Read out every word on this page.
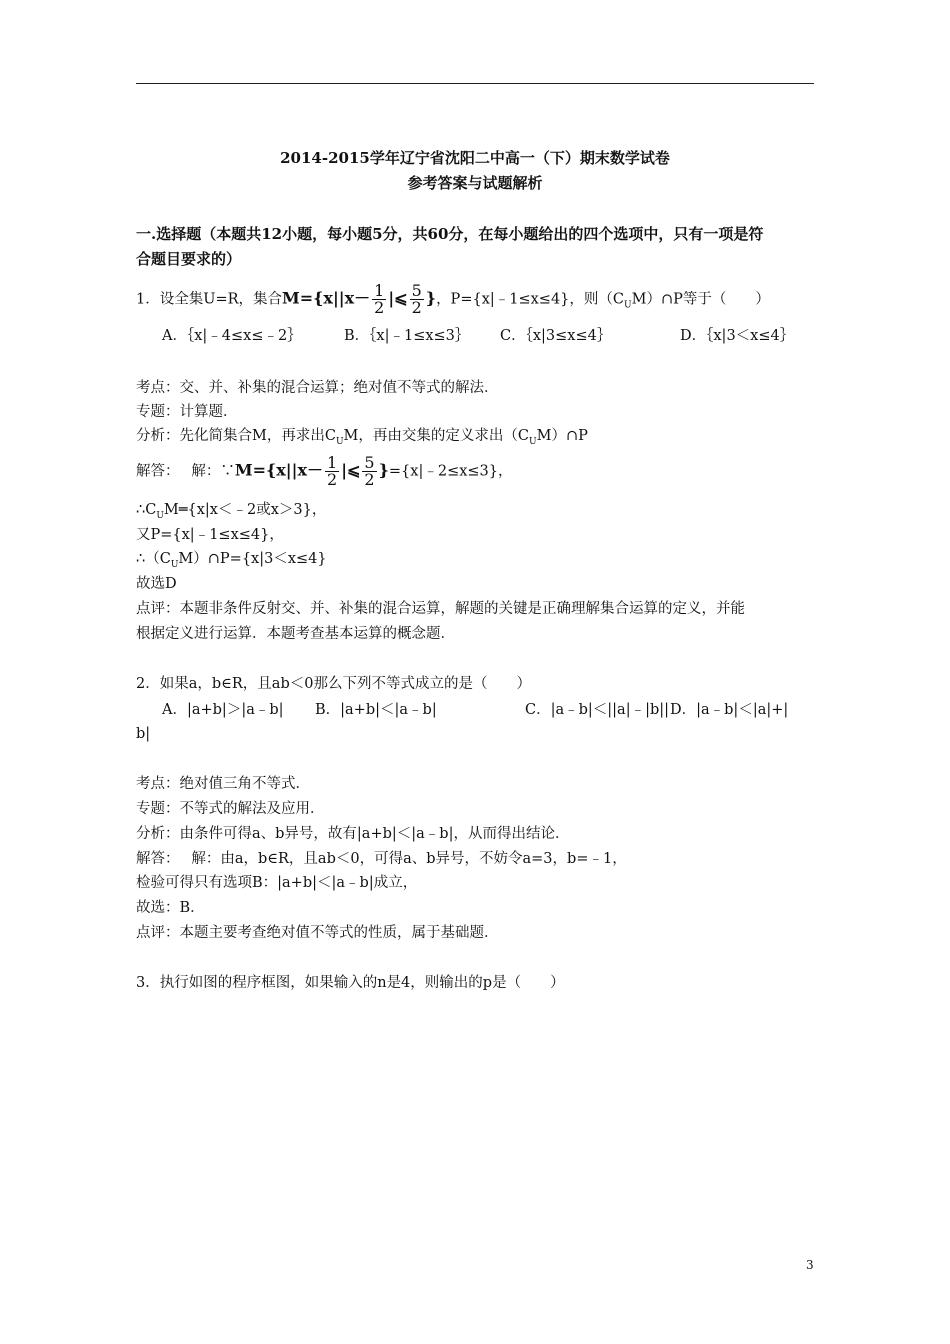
2014-2015学年辽宁省沈阳二中高一（下）期末数学试卷
参考答案与试题解析
一.选择题（本题共12小题，每小题5分，共60分，在每小题给出的四个选项中，只有一项是符
合题目要求的）
1．设全集U=R，集合$M=\{x||x- \frac{1}{2}$ |⩽ $\frac{5}{2}$ }，P={x|﹣1≤x≤4}，则$(C_UM)\cap P$等于（　　）
A．｛x|﹣4≤x≤﹣2｝	B．｛x|﹣1≤x≤3｝ C．｛x|3≤x≤4｝	D．｛x|3＜x≤4｝
考点：交、并、补集的混合运算；绝对值不等式的解法．
专题：计算题．
分析：先化简集合M，再求出$C_UM$，再由交集的定义求出$(C_UM)\cap P$
解答：　 解：∵M={x||x－ $\frac{1}{2}$ |⩽ $\frac{5}{2}$ }={x|﹣2≤x≤3}，
$\therefore C_UM═\{x|x<﹣2$或x＞3}，
又P={x|﹣1≤x≤4}，
$\therefore(C_UM)\cap P=\{x|3<x\le 4\}$
故选D
点评：本题非条件反射交、并、补集的混合运算，解题的关键是正确理解集合运算的定义，并能
根据定义进行运算．本题考查基本运算的概念题．
2．如果a，b∈R，且ab＜0那么下列不等式成立的是（　　）
A．|a+b|＞|a﹣b| B．|a+b|＜|a﹣b|	C．|a﹣b|＜||a|﹣|b||D．|a﹣b|＜|a|+|
b|
考点：绝对值三角不等式．
专题：不等式的解法及应用．
分析：由条件可得a、b异号，故有|a+b|＜|a﹣b|，从而得出结论．
解答：　 解：由a，b∈R，且ab＜0，可得a、b异号，不妨令a=3，b=﹣1，
检验可得只有选项B：|a+b|＜|a﹣b|成立，
故选：B．
点评：本题主要考查绝对值不等式的性质，属于基础题．
3．执行如图的程序框图，如果输入的n是4，则输出的p是（　　）
3
